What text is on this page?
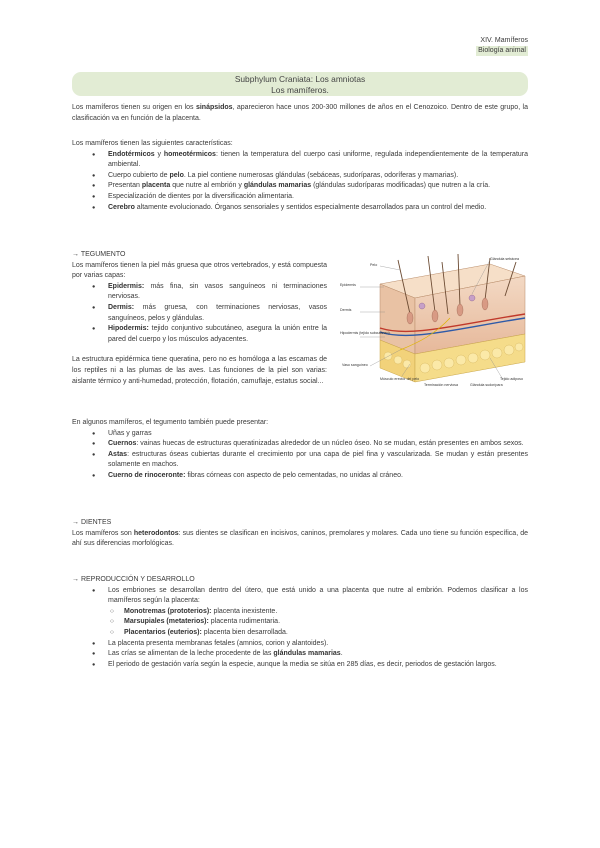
XIV. Mamíferos
Biología animal
Subphylum Craniata: Los amniotas
Los mamíferos.

Los mamíferos tienen su origen en los sinápsidos, aparecieron hace unos 200-300 millones de años en el Cenozoico. Dentro de este grupo, la clasificación va en función de la placenta.

Los mamíferos tienen las siguientes características:

● Endotérmicos y homeotérmicos: tienen la temperatura del cuerpo casi uniforme, regulada independientemente de la temperatura ambiental.
● Cuerpo cubierto de pelo. La piel contiene numerosas glándulas (sebáceas, sudoríparas, odoríferas y mamarias).
● Presentan placenta que nutre al embrión y glándulas mamarias (glándulas sudoríparas modificadas) que nutren a la cría.
● Especialización de dientes por la diversificación alimentaria.
● Cerebro altamente evolucionado. Órganos sensoriales y sentidos especialmente desarrollados para un control del medio.

→ TEGUMENTO

Los mamíferos tienen la piel más gruesa que otros vertebrados, y está compuesta por varias capas:

● Epidermis: más fina, sin vasos sanguíneos ni terminaciones nerviosas.
● Dermis: más gruesa, con terminaciones nerviosas, vasos sanguíneos, pelos y glándulas.
● Hipodermis: tejido conjuntivo subcutáneo, asegura la unión entre la pared del cuerpo y los músculos adyacentes.

La estructura epidérmica tiene queratina, pero no es homóloga a las escamas de los reptiles ni a las plumas de las aves. Las funciones de la piel son varias: aislante térmico y anti-humedad, protección, flotación, camuflaje, estatus social...

Glándula sebácea
Pelo
Epidermis
Dermis
Hipodermis (tejido subcutáneo)
Vaso sanguíneo
Músculo erector del pelo
Terminación nerviosa
Tejido adiposo
Glándula sudorípara

En algunos mamíferos, el tegumento también puede presentar:

● Uñas y garras
● Cuernos: vainas huecas de estructuras queratinizadas alrededor de un núcleo óseo. No se mudan, están presentes en ambos sexos.
● Astas: estructuras óseas cubiertas durante el crecimiento por una capa de piel fina y vascularizada. Se mudan y están presentes solamente en machos.
● Cuerno de rinoceronte: fibras córneas con aspecto de pelo cementadas, no unidas al cráneo.

→ DIENTES

Los mamíferos son heterodontos: sus dientes se clasifican en incisivos, caninos, premolares y molares. Cada uno tiene su función específica, de ahí sus diferencias morfológicas.

→ REPRODUCCIÓN Y DESARROLLO

● Los embriones se desarrollan dentro del útero, que está unido a una placenta que nutre al embrión. Podemos clasificar a los mamíferos según la placenta:
○ Monotremas (prototerios): placenta inexistente.
○ Marsupiales (metaterios): placenta rudimentaria.
○ Placentarios (euterios): placenta bien desarrollada.
● La placenta presenta membranas fetales (amnios, corion y alantoides).
● Las crías se alimentan de la leche procedente de las glándulas mamarias.
● El periodo de gestación varía según la especie, aunque la media se sitúa en 285 días, es decir, periodos de gestación largos.
